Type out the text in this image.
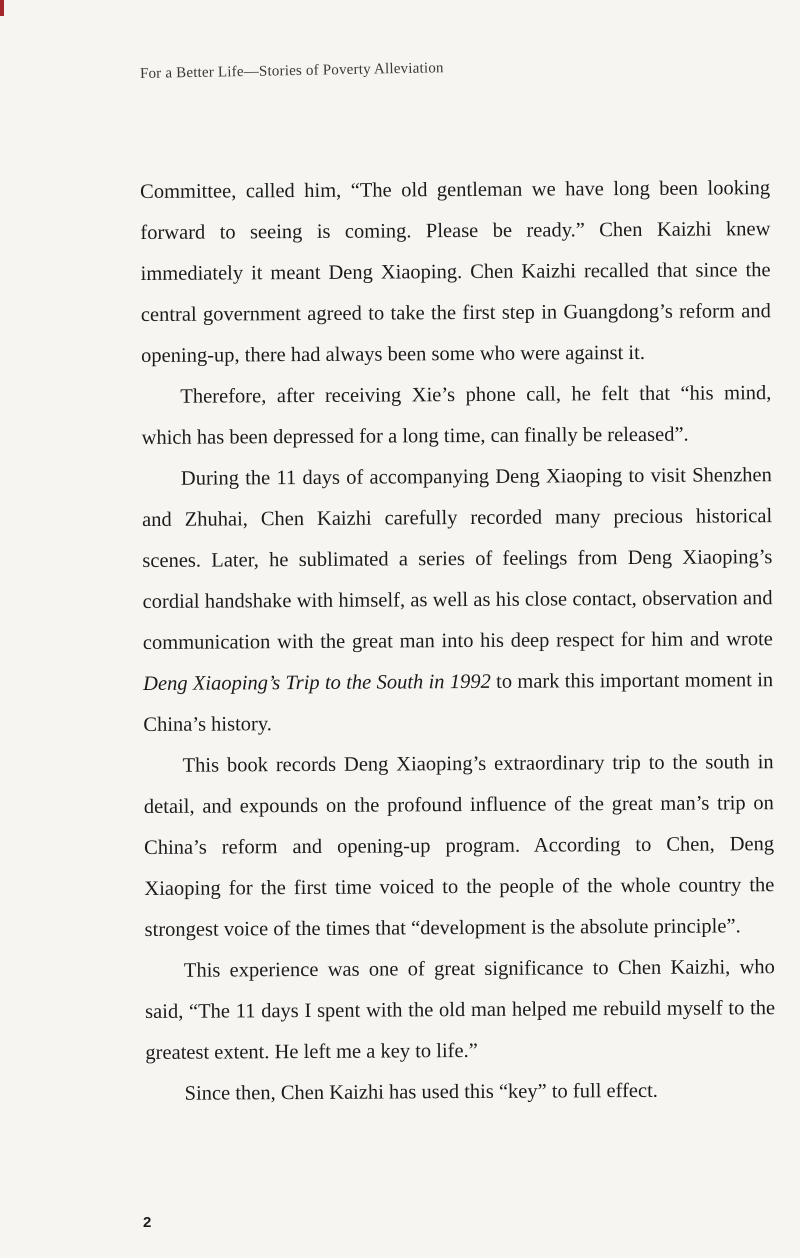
For a Better Life—Stories of Poverty Alleviation

Committee, called him, “The old gentleman we have long been looking forward to seeing is coming. Please be ready.” Chen Kaizhi knew immediately it meant Deng Xiaoping. Chen Kaizhi recalled that since the central government agreed to take the first step in Guangdong’s reform and opening-up, there had always been some who were against it.

Therefore, after receiving Xie’s phone call, he felt that “his mind, which has been depressed for a long time, can finally be released”.

During the 11 days of accompanying Deng Xiaoping to visit Shenzhen and Zhuhai, Chen Kaizhi carefully recorded many precious historical scenes. Later, he sublimated a series of feelings from Deng Xiaoping’s cordial handshake with himself, as well as his close contact, observation and communication with the great man into his deep respect for him and wrote Deng Xiaoping’s Trip to the South in 1992 to mark this important moment in China’s history.

This book records Deng Xiaoping’s extraordinary trip to the south in detail, and expounds on the profound influence of the great man’s trip on China’s reform and opening-up program. According to Chen, Deng Xiaoping for the first time voiced to the people of the whole country the strongest voice of the times that “development is the absolute principle”.

This experience was one of great significance to Chen Kaizhi, who said, “The 11 days I spent with the old man helped me rebuild myself to the greatest extent. He left me a key to life.”

Since then, Chen Kaizhi has used this “key” to full effect.

2
